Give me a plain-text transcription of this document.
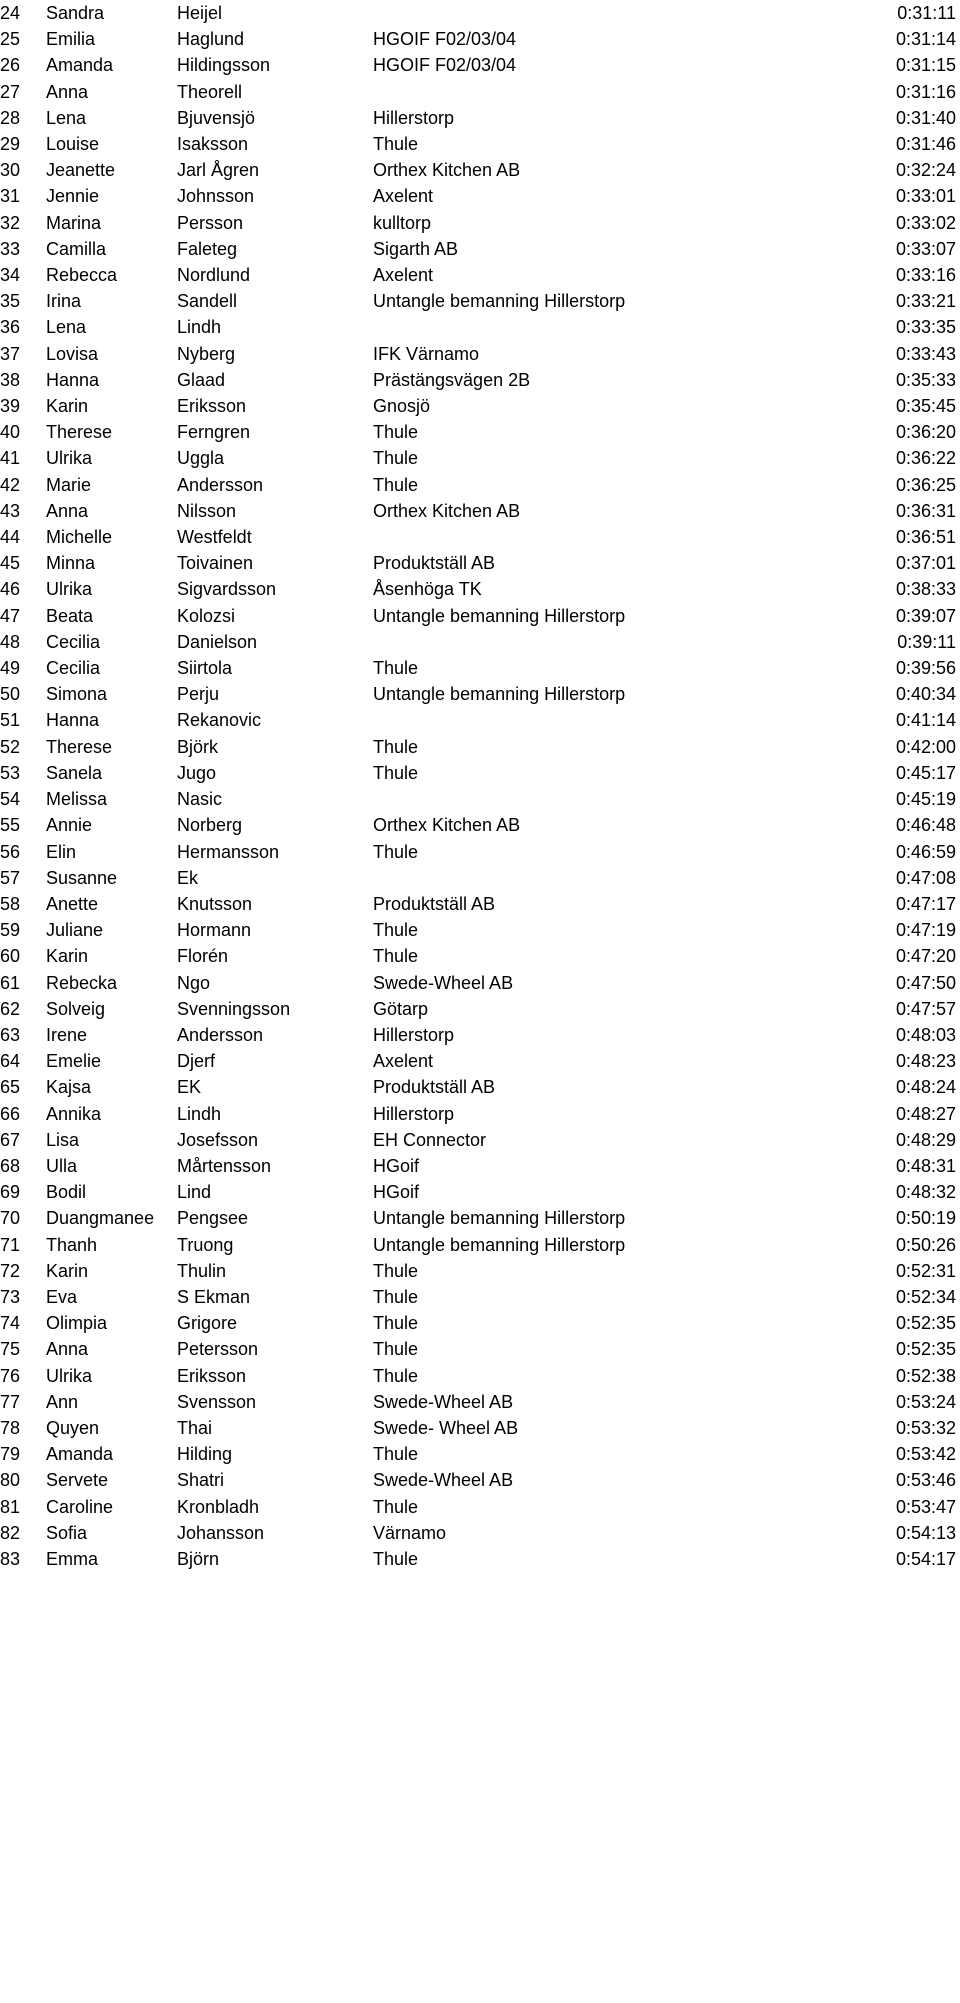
24	Sandra	Heijel		0:31:11
25	Emilia	Haglund	HGOIF F02/03/04	0:31:14
26	Amanda	Hildingsson	HGOIF F02/03/04	0:31:15
27	Anna	Theorell		0:31:16
28	Lena	Bjuvensjö	Hillerstorp	0:31:40
29	Louise	Isaksson	Thule	0:31:46
30	Jeanette	Jarl Ågren	Orthex Kitchen AB	0:32:24
31	Jennie	Johnsson	Axelent	0:33:01
32	Marina	Persson	kulltorp	0:33:02
33	Camilla	Faleteg	Sigarth AB	0:33:07
34	Rebecca	Nordlund	Axelent	0:33:16
35	Irina	Sandell	Untangle bemanning Hillerstorp	0:33:21
36	Lena	Lindh		0:33:35
37	Lovisa	Nyberg	IFK Värnamo	0:33:43
38	Hanna	Glaad	Prästängsvägen 2B	0:35:33
39	Karin	Eriksson	Gnosjö	0:35:45
40	Therese	Ferngren	Thule	0:36:20
41	Ulrika	Uggla	Thule	0:36:22
42	Marie	Andersson	Thule	0:36:25
43	Anna	Nilsson	Orthex Kitchen AB	0:36:31
44	Michelle	Westfeldt		0:36:51
45	Minna	Toivainen	Produktställ AB	0:37:01
46	Ulrika	Sigvardsson	Åsenhöga TK	0:38:33
47	Beata	Kolozsi	Untangle bemanning Hillerstorp	0:39:07
48	Cecilia	Danielson		0:39:11
49	Cecilia	Siirtola	Thule	0:39:56
50	Simona	Perju	Untangle bemanning Hillerstorp	0:40:34
51	Hanna	Rekanovic		0:41:14
52	Therese	Björk	Thule	0:42:00
53	Sanela	Jugo	Thule	0:45:17
54	Melissa	Nasic		0:45:19
55	Annie	Norberg	Orthex Kitchen AB	0:46:48
56	Elin	Hermansson	Thule	0:46:59
57	Susanne	Ek		0:47:08
58	Anette	Knutsson	Produktställ AB	0:47:17
59	Juliane	Hormann	Thule	0:47:19
60	Karin	Florén	Thule	0:47:20
61	Rebecka	Ngo	Swede-Wheel AB	0:47:50
62	Solveig	Svenningsson	Götarp	0:47:57
63	Irene	Andersson	Hillerstorp	0:48:03
64	Emelie	Djerf	Axelent	0:48:23
65	Kajsa	EK	Produktställ AB	0:48:24
66	Annika	Lindh	Hillerstorp	0:48:27
67	Lisa	Josefsson	EH Connector	0:48:29
68	Ulla	Mårtensson	HGoif	0:48:31
69	Bodil	Lind	HGoif	0:48:32
70	Duangmanee	Pengsee	Untangle bemanning Hillerstorp	0:50:19
71	Thanh	Truong	Untangle bemanning Hillerstorp	0:50:26
72	Karin	Thulin	Thule	0:52:31
73	Eva	S Ekman	Thule	0:52:34
74	Olimpia	Grigore	Thule	0:52:35
75	Anna	Petersson	Thule	0:52:35
76	Ulrika	Eriksson	Thule	0:52:38
77	Ann	Svensson	Swede-Wheel AB	0:53:24
78	Quyen	Thai	Swede- Wheel AB	0:53:32
79	Amanda	Hilding	Thule	0:53:42
80	Servete	Shatri	Swede-Wheel AB	0:53:46
81	Caroline	Kronbladh	Thule	0:53:47
82	Sofia	Johansson	Värnamo	0:54:13
83	Emma	Björn	Thule	0:54:17
